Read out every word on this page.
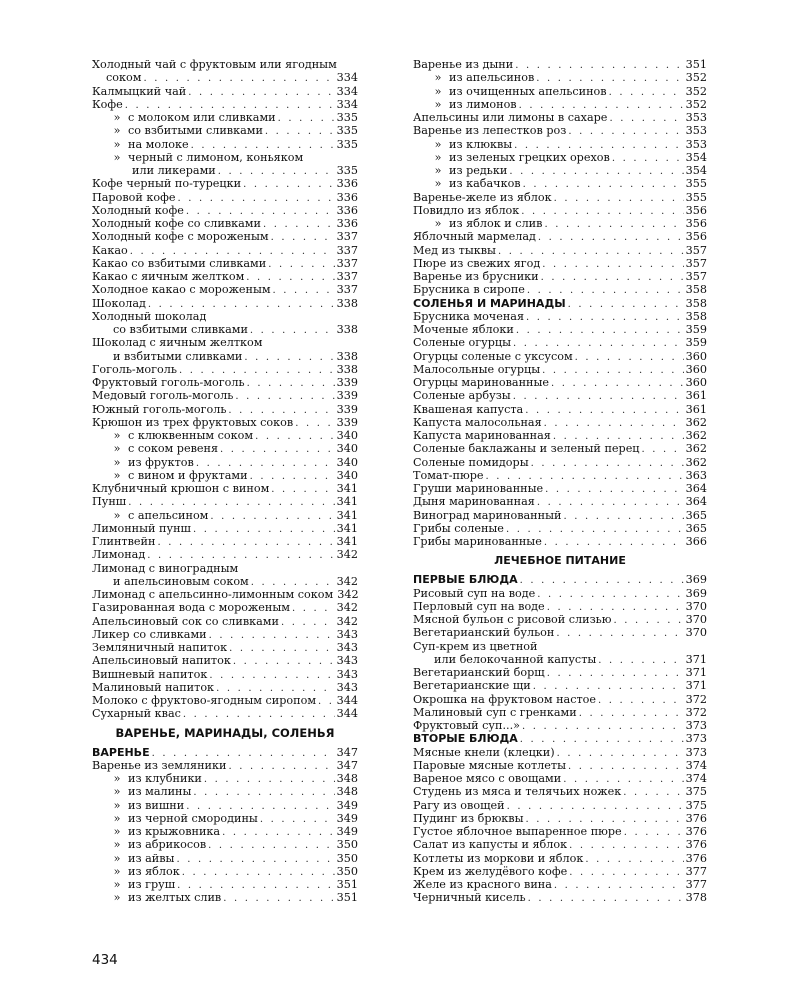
Холодный чай с фруктовым или ягодным
соком . . .	334
Калмыцкий чай . . .	334
Кофе . . .	334
» с молоком или сливками . . .	335
» со взбитыми сливками . . .	335
» на молоке . . .	335
» черный с лимоном, коньяком
или ликерами . . .	335
Кофе черный по-турецки . . .	336
Паровой кофе . . .	336
Холодный кофе . . .	336
Холодный кофе со сливками . . .	336
Холодный кофе с мороженым . . .	337
Какао . . .	337
Какао со взбитыми сливками . . .	337
Какао с яичным желтком . . .	337
Холодное какао с мороженым . . .	337
Шоколад . . .	338
Холодный шоколад
со взбитыми сливками . . .	338
Шоколад с яичным желтком
и взбитыми сливками . . .	338
Гоголь-моголь . . .	338
Фруктовый гоголь-моголь . . .	339
Медовый гоголь-моголь . . .	339
Южный гоголь-моголь . . .	339
Крюшон из трех фруктовых соков . . .	339
» с клюквенным соком . . .	340
» с соком ревеня . . .	340
» из фруктов . . .	340
» с вином и фруктами . . .	340
Клубничный крюшон с вином . . .	341
Пунш . . .	341
» с апельсином . . .	341
Лимонный пунш . . .	341
Глинтвейн . . .	341
Лимонад . . .	342
Лимонад с виноградным
и апельсиновым соком . . .	342
Лимонад с апельсинно-лимонным соком 342
Газированная вода с мороженым . . .	342
Апельсиновый сок со сливками . . .	342
Ликер со сливками . . .	343
Земляничный напиток . . .	343
Апельсиновый напиток . . .	343
Вишневый напиток . . .	343
Малиновый напиток . . .	343
Молоко с фруктово-ягодным сиропом . . . 344
Сухарный квас . . .	344
ВАРЕНЬЕ, МАРИНАДЫ, СОЛЕНЬЯ
ВАРЕНЬЕ . . .	347
Варенье из земляники . . .	347
» из клубники . . .	348
» из малины . . .	348
» из вишни . . .	349
» из черной смородины . . .	349
» из крыжовника . . .	349
» из абрикосов . . .	350
» из айвы . . .	350
» из яблок . . .	350
» из груш . . .	351
» из желтых слив . . .	351
Варенье из дыни . . .	351
» из апельсинов . . .	352
» из очищенных апельсинов . . .	352
» из лимонов . . .	352
Апельсины или лимоны в сахаре . . .	353
Варенье из лепестков роз . . .	353
» из клюквы . . .	353
» из зеленых грецких орехов . . .	354
» из редьки . . .	354
» из кабачков . . .	355
Варенье-желе из яблок . . .	355
Повидло из яблок . . .	356
» из яблок и слив . . .	356
Яблочный мармелад . . .	356
Мед из тыквы . . .	357
Пюре из свежих ягод . . .	357
Варенье из брусники . . .	357
Брусника в сиропе . . .	358
СОЛЕНЬЯ И МАРИНАДЫ . . .	358
Брусника моченая . . .	358
Моченые яблоки . . .	359
Соленые огурцы . . .	359
Огурцы соленые с уксусом . . .	360
Малосольные огурцы . . .	360
Огурцы маринованные . . .	360
Соленые арбузы . . .	361
Квашеная капуста . . .	361
Капуста малосольная . . .	362
Капуста маринованная . . .	362
Соленые баклажаны и зеленый перец . . .	362
Соленые помидоры . . .	362
Томат-пюре . . .	363
Груши маринованные . . .	364
Дыня маринованная . . .	364
Виноград маринованный . . .	365
Грибы соленые . . .	365
Грибы маринованные . . .	366
ЛЕЧЕБНОЕ ПИТАНИЕ
ПЕРВЫЕ БЛЮДА . . .	369
Рисовый суп на воде . . .	369
Перловый суп на воде . . .	370
Мясной бульон с рисовой слизью . . .	370
Вегетарианский бульон . . .	370
Суп-крем из цветной
или белокочанной капусты . . .	371
Вегетарианский борщ . . .	371
Вегетарианские щи . . .	371
Окрошка на фруктовом настое . . .	372
Малиновый суп с гренками . . .	372
Фруктовый суп...» . . .	373
ВТОРЫЕ БЛЮДА . . .	373
Мясные кнели (клецки) . . .	373
Паровые мясные котлеты . . .	374
Вареное мясо с овощами . . .	374
Студень из мяса и телячьих ножек . . .	375
Рагу из овощей . . .	375
Пудинг из брюквы . . .	376
Густое яблочное выпаренное пюре . . .	376
Салат из капусты и яблок . . .	376
Котлеты из моркови и яблок . . .	376
Крем из желудёвого кофе . . .	377
Желе из красного вина . . .	377
Черничный кисель . . .	378
434
